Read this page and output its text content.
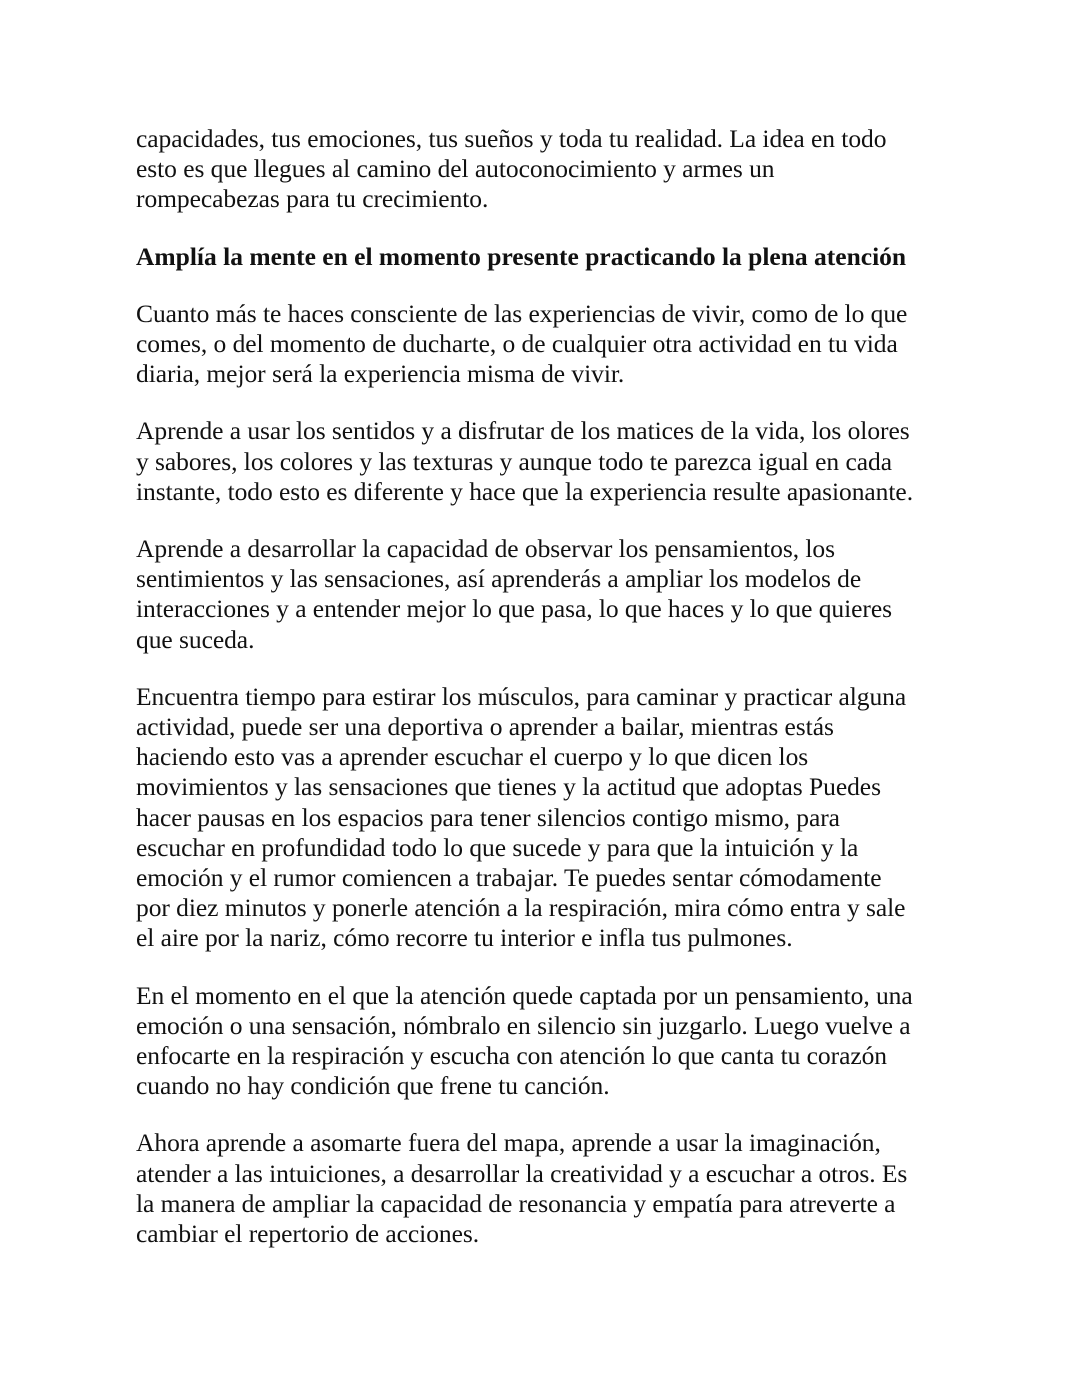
capacidades, tus emociones, tus sueños y toda tu realidad. La idea en todo
esto es que llegues al camino del autoconocimiento y armes un
rompecabezas para tu crecimiento.

Amplía la mente en el momento presente practicando la plena atención

Cuanto más te haces consciente de las experiencias de vivir, como de lo que
comes, o del momento de ducharte, o de cualquier otra actividad en tu vida
diaria, mejor será la experiencia misma de vivir.

Aprende a usar los sentidos y a disfrutar de los matices de la vida, los olores
y sabores, los colores y las texturas y aunque todo te parezca igual en cada
instante, todo esto es diferente y hace que la experiencia resulte apasionante.

Aprende a desarrollar la capacidad de observar los pensamientos, los
sentimientos y las sensaciones, así aprenderás a ampliar los modelos de
interacciones y a entender mejor lo que pasa, lo que haces y lo que quieres
que suceda.

Encuentra tiempo para estirar los músculos, para caminar y practicar alguna
actividad, puede ser una deportiva o aprender a bailar, mientras estás
haciendo esto vas a aprender escuchar el cuerpo y lo que dicen los
movimientos y las sensaciones que tienes y la actitud que adoptas Puedes
hacer pausas en los espacios para tener silencios contigo mismo, para
escuchar en profundidad todo lo que sucede y para que la intuición y la
emoción y el rumor comiencen a trabajar. Te puedes sentar cómodamente
por diez minutos y ponerle atención a la respiración, mira cómo entra y sale
el aire por la nariz, cómo recorre tu interior e infla tus pulmones.

En el momento en el que la atención quede captada por un pensamiento, una
emoción o una sensación, nómbralo en silencio sin juzgarlo. Luego vuelve a
enfocarte en la respiración y escucha con atención lo que canta tu corazón
cuando no hay condición que frene tu canción.

Ahora aprende a asomarte fuera del mapa, aprende a usar la imaginación,
atender a las intuiciones, a desarrollar la creatividad y a escuchar a otros. Es
la manera de ampliar la capacidad de resonancia y empatía para atreverte a
cambiar el repertorio de acciones.
